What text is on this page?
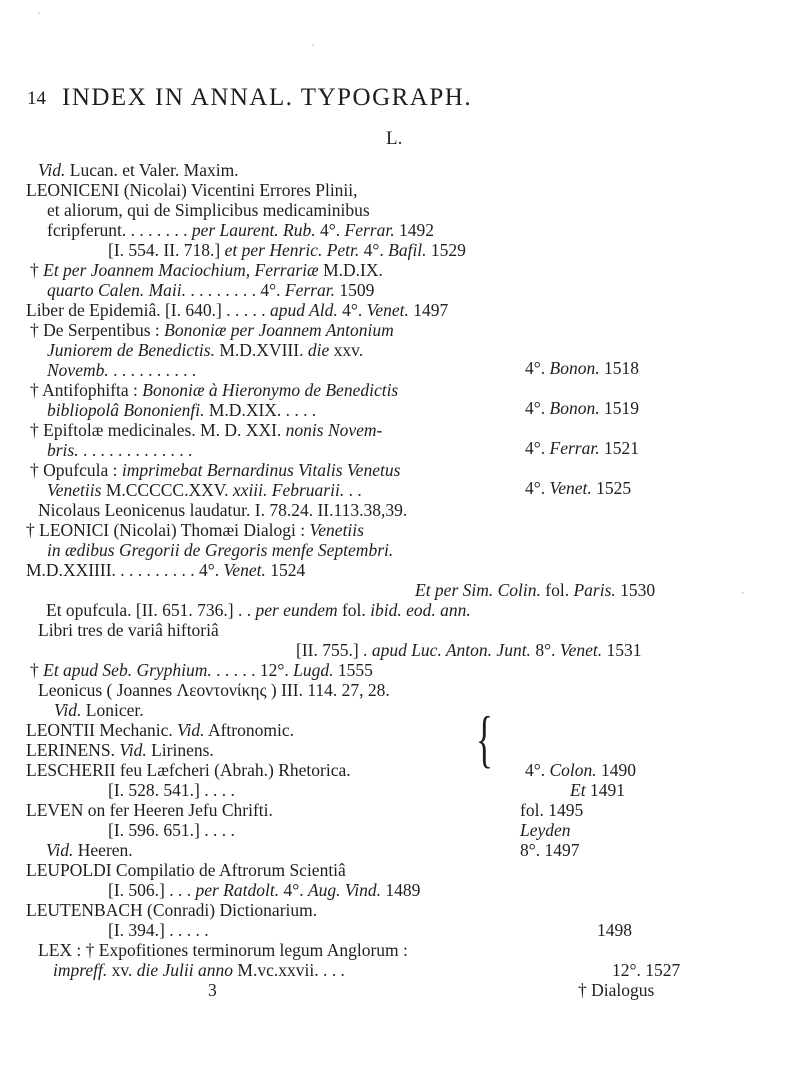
14 INDEX IN ANNAL. TYPOGRAPH.
L.
Vid. Lucan. et Valer. Maxim.
LEONICENI (Nicolai) Vicentini Errores Plinii,
et aliorum, qui de Simplicibus medicaminibus
fcripferunt. . . . . . . . per Laurent. Rub. 4°. Ferrar. 1492
[I. 554. II. 718.] et per Henric. Petr. 4°. Bafil. 1529
† Et per Joannem Maciochium, Ferrariæ M.D.IX.
quarto Calen. Maii. . . . . . . . . 4°. Ferrar. 1509
Liber de Epidemiâ. [I. 640.] . . . . . apud Ald. 4°. Venet. 1497
† De Serpentibus : Bononiæ per Joannem Antonium
Juniorem de Benedictis. M.D.XVIII. die xxv.
Novemb. . . . . . . . . . .
† Antifophifta : Bononiæ à Hieronymo de Benedictis
bibliopolâ Bononienfi. M.D.XIX. . . . .
† Epiftolæ medicinales. M. D. XXI. nonis Novem-
bris. . . . . . . . . . . . . .
† Opufcula : imprimebat Bernardinus Vitalis Venetus
Venetiis M.CCCCC.XXV. xxiii. Februarii. . .
Nicolaus Leonicenus laudatur. I. 78.24. II.113.38,39.
† LEONICI (Nicolai) Thomæi Dialogi : Venetiis
in ædibus Gregorii de Gregoris menfe Septembri.
M.D.XXIIII. . . . . . . . . . 4°. Venet. 1524
Et per Sim. Colin. fol. Paris. 1530
Et opufcula. [II. 651. 736.] . . per eundem fol. ibid. eod. ann.
Libri tres de variâ hiftoriâ
[II. 755.] . apud Luc. Anton. Junt. 8°. Venet. 1531
† Et apud Seb. Gryphium. . . . . . 12°. Lugd. 1555
Leonicus ( Joannes Λεοντονίκης ) III. 114. 27, 28.
Vid. Lonicer.
LEONTII Mechanic. Vid. Aftronomic.
LERINENS. Vid. Lirinens.
LESCHERII feu Læfcheri (Abrah.) Rhetorica.
[I. 528. 541.] . . . .
LEVEN on fer Heeren Jefu Chrifti.
[I. 596. 651.] . . . .
Vid. Heeren.
LEUPOLDI Compilatio de Aftrorum Scientiâ
[I. 506.] . . . per Ratdolt. 4°. Aug. Vind. 1489
LEUTENBACH (Conradi) Dictionarium.
[I. 394.] . . . . .
LEX : † Expofitiones terminorum legum Anglorum :
impreff. xv. die Julii anno M.vc.xxvii. . . .
3
4°. Bonon. 1518
4°. Bonon. 1519
4°. Ferrar. 1521
4°. Venet. 1525
4°. Colon. 1490
Et 1491
fol. 1495
Leyden
8°. 1497
1498
12°. 1527
† Dialogus
{
